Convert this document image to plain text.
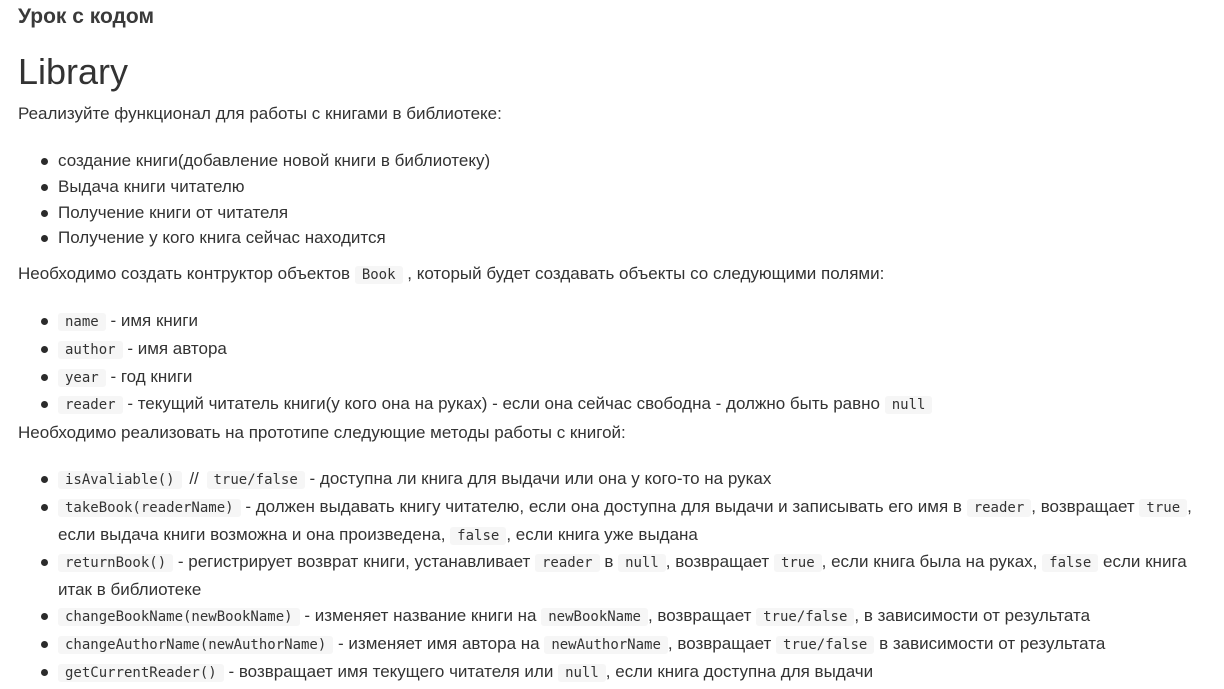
Урок с кодом
Library
Реализуйте функционал для работы с книгами в библиотеке:
создание книги(добавление новой книги в библиотеку)
Выдача книги читателю
Получение книги от читателя
Получение у кого книга сейчас находится
Необходимо создать контруктор объектов Book , который будет создавать объекты со следующими полями:
name - имя книги
author - имя автора
year - год книги
reader - текущий читатель книги(у кого она на руках) - если она сейчас свободна - должно быть равно null
Необходимо реализовать на прототипе следующие методы работы с книгой:
isAvaliable() // true/false - доступна ли книга для выдачи или она у кого-то на руках
takeBook(readerName) - должен выдавать книгу читателю, если она доступна для выдачи и записывать его имя в reader , возвращает true , если выдача книги возможна и она произведена, false , если книга уже выдана
returnBook() - регистрирует возврат книги, устанавливает reader в null , возвращает true , если книга была на руках, false если книга итак в библиотеке
changeBookName(newBookName) - изменяет название книги на newBookName , возвращает true/false , в зависимости от результата
changeAuthorName(newAuthorName) - изменяет имя автора на newAuthorName , возвращает true/false в зависимости от результата
getCurrentReader() - возвращает имя текущего читателя или null , если книга доступна для выдачи
